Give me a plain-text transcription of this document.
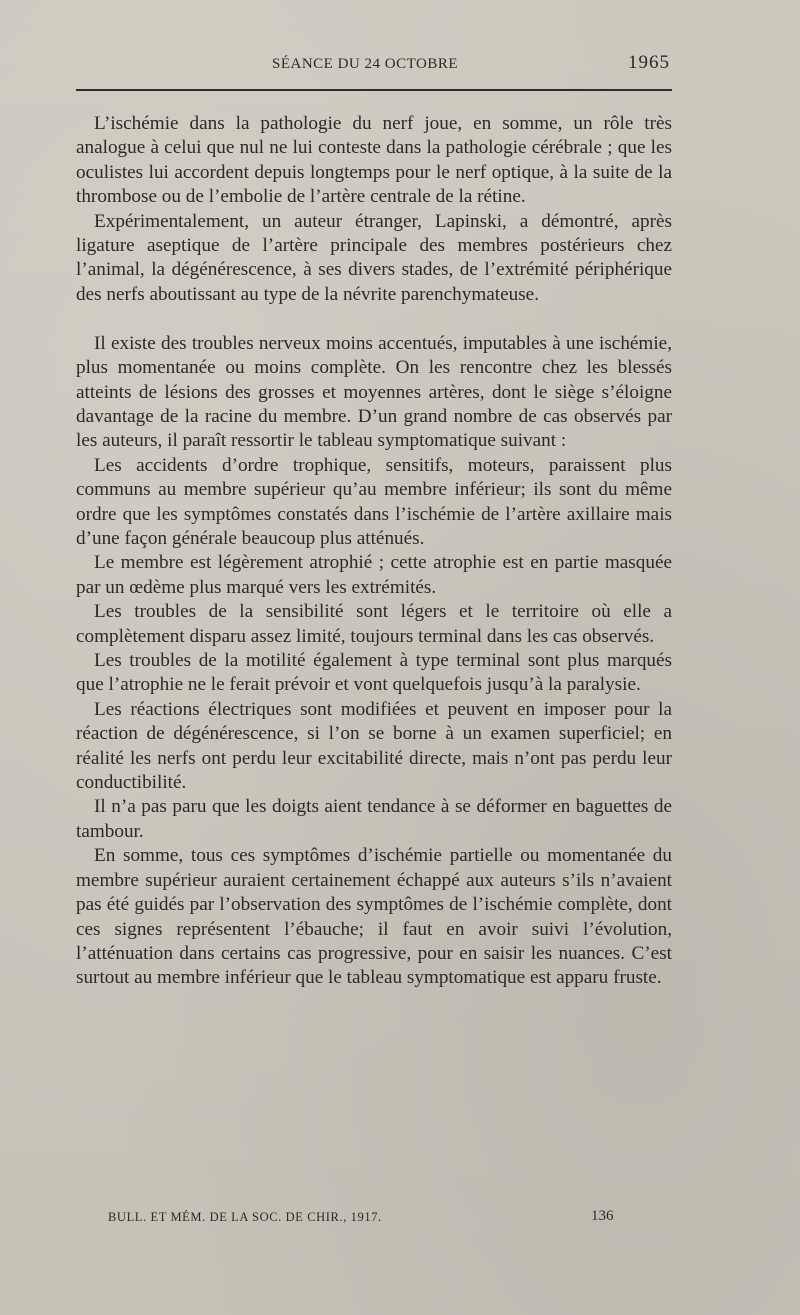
SÉANCE DU 24 OCTOBRE	1965

L’ischémie dans la pathologie du nerf joue, en somme, un rôle très analogue à celui que nul ne lui conteste dans la pathologie cérébrale ; que les oculistes lui accordent depuis longtemps pour le nerf optique, à la suite de la thrombose ou de l’embolie de l’artère centrale de la rétine.

Expérimentalement, un auteur étranger, Lapinski, a démontré, après ligature aseptique de l’artère principale des membres postérieurs chez l’animal, la dégénérescence, à ses divers stades, de l’extrémité périphérique des nerfs aboutissant au type de la névrite parenchymateuse.

Il existe des troubles nerveux moins accentués, imputables à une ischémie, plus momentanée ou moins complète. On les rencontre chez les blessés atteints de lésions des grosses et moyennes artères, dont le siège s’éloigne davantage de la racine du membre. D’un grand nombre de cas observés par les auteurs, il paraît ressortir le tableau symptomatique suivant :

Les accidents d’ordre trophique, sensitifs, moteurs, paraissent plus communs au membre supérieur qu’au membre inférieur; ils sont du même ordre que les symptômes constatés dans l’ischémie de l’artère axillaire mais d’une façon générale beaucoup plus atténués.

Le membre est légèrement atrophié ; cette atrophie est en partie masquée par un œdème plus marqué vers les extrémités.

Les troubles de la sensibilité sont légers et le territoire où elle a complètement disparu assez limité, toujours terminal dans les cas observés.

Les troubles de la motilité également à type terminal sont plus marqués que l’atrophie ne le ferait prévoir et vont quelquefois jusqu’à la paralysie.

Les réactions électriques sont modifiées et peuvent en imposer pour la réaction de dégénérescence, si l’on se borne à un examen superficiel; en réalité les nerfs ont perdu leur excitabilité directe, mais n’ont pas perdu leur conductibilité.

Il n’a pas paru que les doigts aient tendance à se déformer en baguettes de tambour.

En somme, tous ces symptômes d’ischémie partielle ou momentanée du membre supérieur auraient certainement échappé aux auteurs s’ils n’avaient pas été guidés par l’observation des symptômes de l’ischémie complète, dont ces signes représentent l’ébauche; il faut en avoir suivi l’évolution, l’atténuation dans certains cas progressive, pour en saisir les nuances. C’est surtout au membre inférieur que le tableau symptomatique est apparu fruste.

BULL. ET MÉM. DE LA SOC. DE CHIR., 1917.	136
